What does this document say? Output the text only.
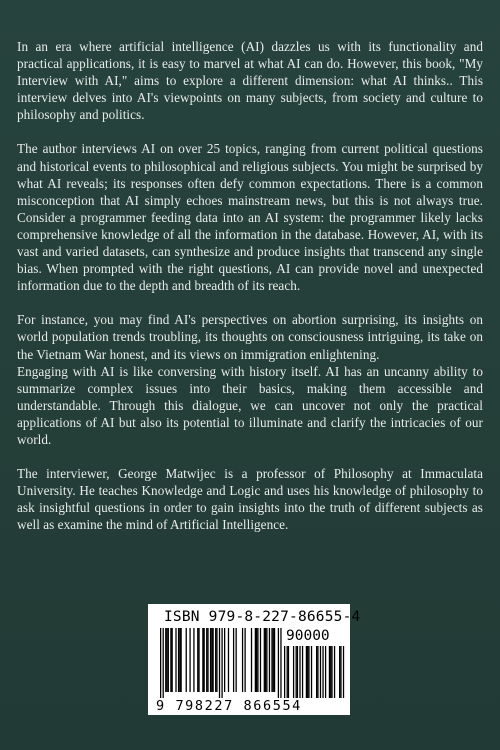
In an era where artificial intelligence (AI) dazzles us with its functionality and practical applications, it is easy to marvel at what AI can do. However, this book, "My Interview with AI," aims to explore a different dimension: what AI thinks.. This interview delves into AI's viewpoints on many subjects, from society and culture to philosophy and politics.

The author interviews AI on over 25 topics, ranging from current political questions and historical events to philosophical and religious subjects. You might be surprised by what AI reveals; its responses often defy common expectations. There is a common misconception that AI simply echoes mainstream news, but this is not always true. Consider a programmer feeding data into an AI system: the programmer likely lacks comprehensive knowledge of all the information in the database. However, AI, with its vast and varied datasets, can synthesize and produce insights that transcend any single bias. When prompted with the right questions, AI can provide novel and unexpected information due to the depth and breadth of its reach.

For instance, you may find AI's perspectives on abortion surprising, its insights on world population trends troubling, its thoughts on consciousness intriguing, its take on the Vietnam War honest, and its views on immigration enlightening.

Engaging with AI is like conversing with history itself. AI has an uncanny ability to summarize complex issues into their basics, making them accessible and understandable. Through this dialogue, we can uncover not only the practical applications of AI but also its potential to illuminate and clarify the intricacies of our world.

The interviewer, George Matwijec is a professor of Philosophy at Immaculata University. He teaches Knowledge and Logic and uses his knowledge of philosophy to ask insightful questions in order to gain insights into the truth of different subjects as well as examine the mind of Artificial Intelligence.

ISBN 979-8-227-86655-4
90000
9 798227 866554
